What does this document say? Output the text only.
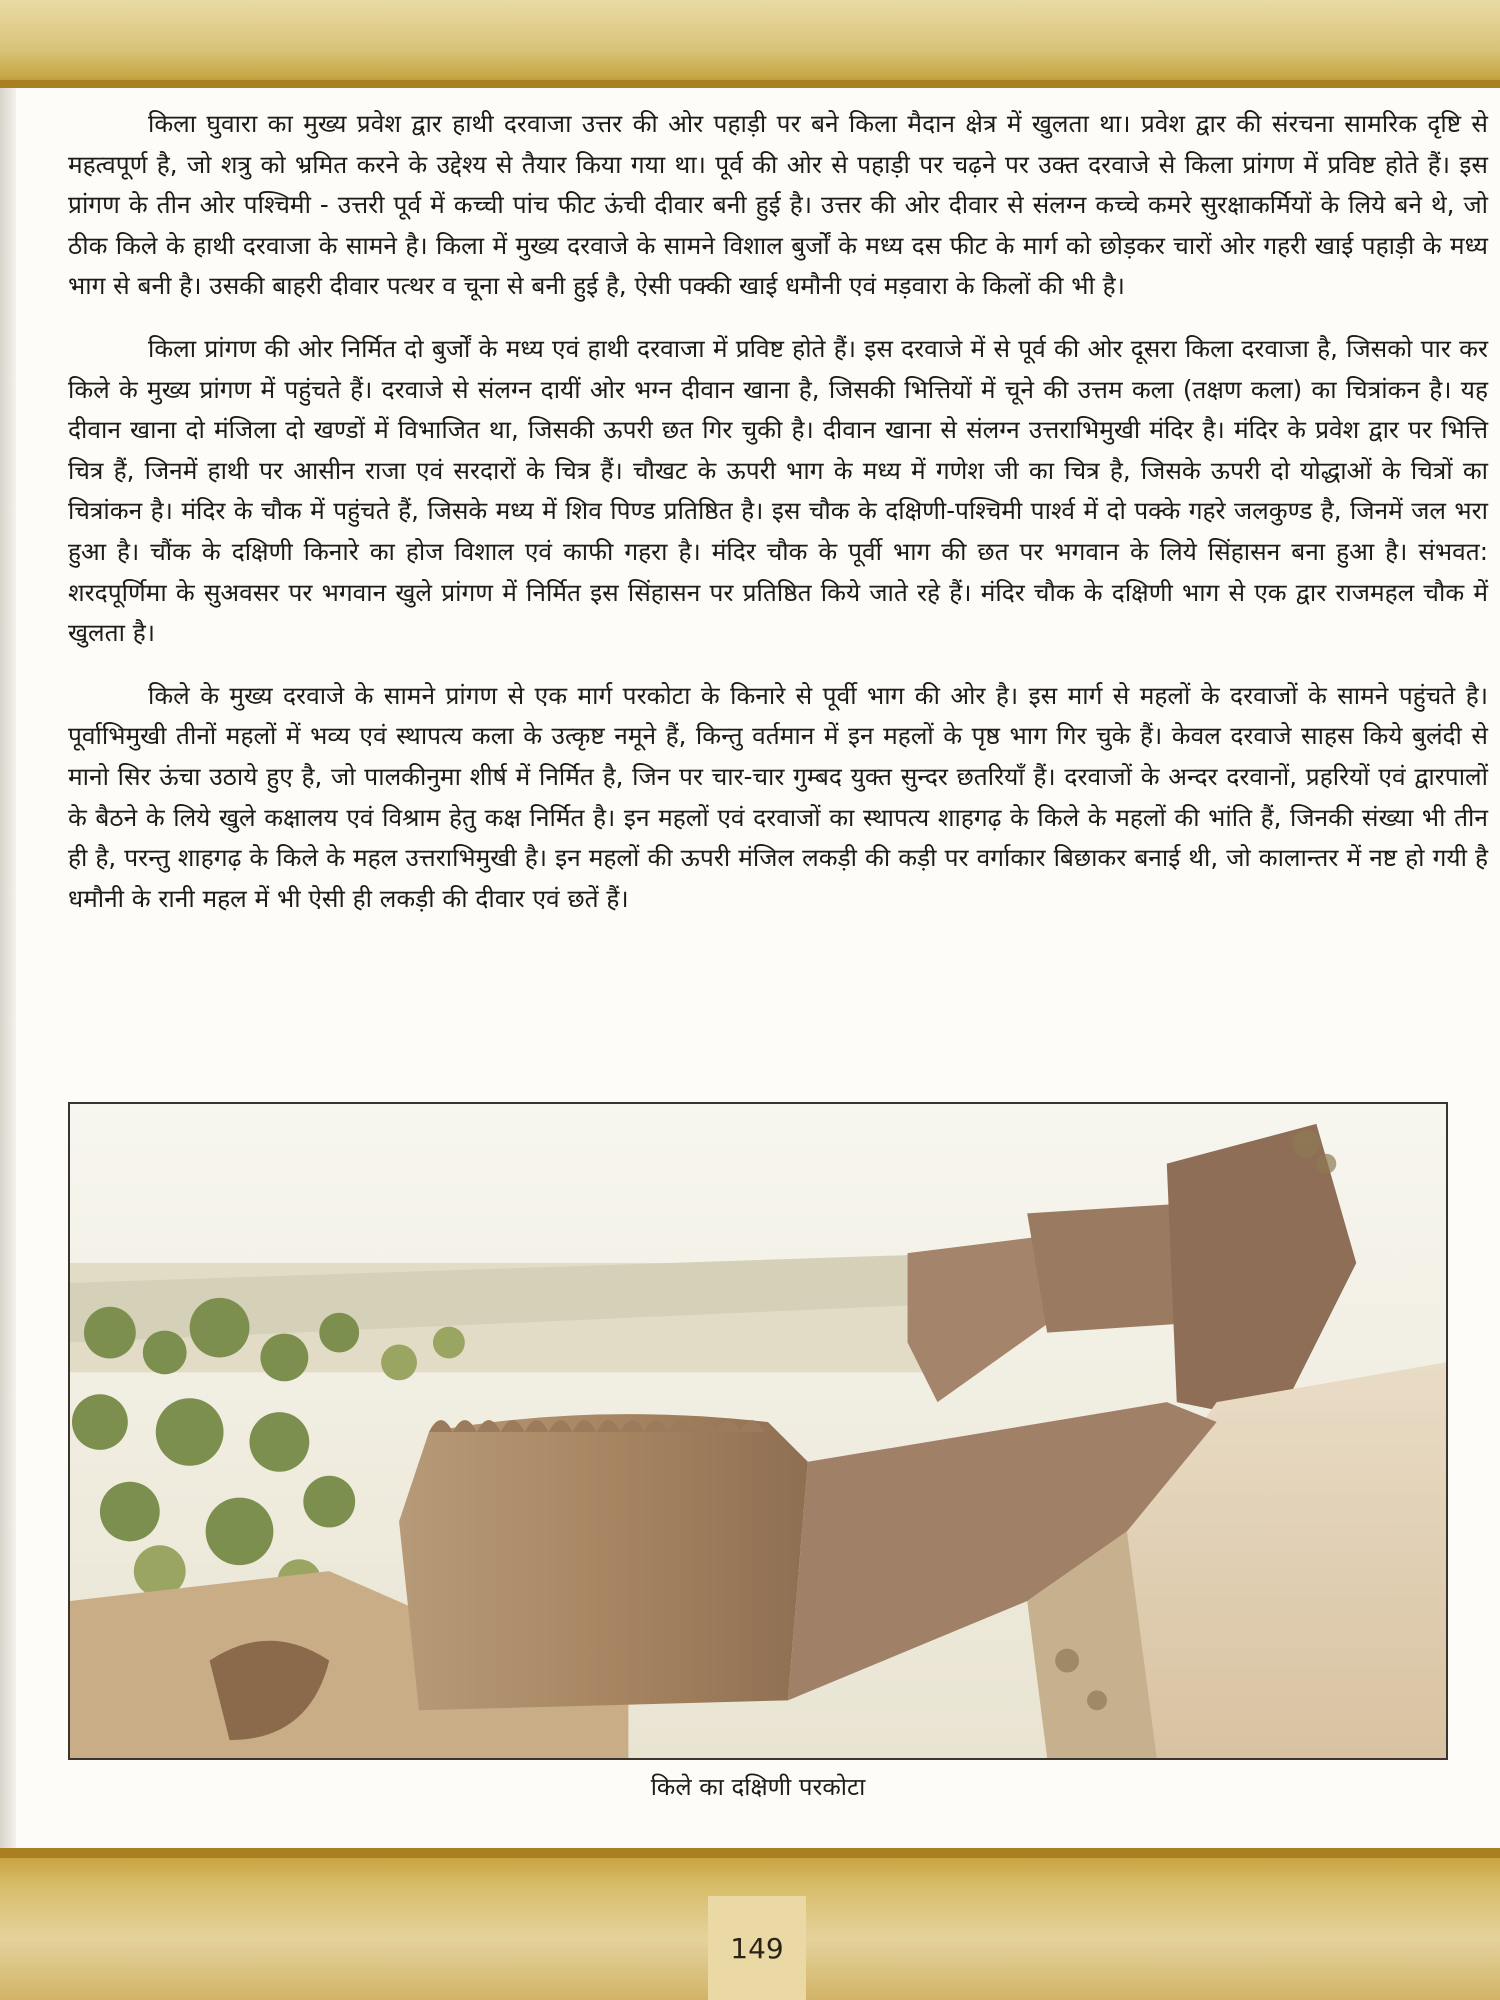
किला घुवारा का मुख्य प्रवेश द्वार हाथी दरवाजा उत्तर की ओर पहाड़ी पर बने किला मैदान क्षेत्र में खुलता था। प्रवेश द्वार की संरचना सामरिक दृष्टि से महत्वपूर्ण है, जो शत्रु को भ्रमित करने के उद्देश्य से तैयार किया गया था। पूर्व की ओर से पहाड़ी पर चढ़ने पर उक्त दरवाजे से किला प्रांगण में प्रविष्ट होते हैं। इस प्रांगण के तीन ओर पश्चिमी - उत्तरी पूर्व में कच्ची पांच फीट ऊंची दीवार बनी हुई है। उत्तर की ओर दीवार से संलग्न कच्चे कमरे सुरक्षाकर्मियों के लिये बने थे, जो ठीक किले के हाथी दरवाजा के सामने है। किला में मुख्य दरवाजे के सामने विशाल बुर्जों के मध्य दस फीट के मार्ग को छोड़कर चारों ओर गहरी खाई पहाड़ी के मध्य भाग से बनी है। उसकी बाहरी दीवार पत्थर व चूना से बनी हुई है, ऐसी पक्की खाई धमौनी एवं मड़वारा के किलों की भी है।

किला प्रांगण की ओर निर्मित दो बुर्जों के मध्य एवं हाथी दरवाजा में प्रविष्ट होते हैं। इस दरवाजे में से पूर्व की ओर दूसरा किला दरवाजा है, जिसको पार कर किले के मुख्य प्रांगण में पहुंचते हैं। दरवाजे से संलग्न दायीं ओर भग्न दीवान खाना है, जिसकी भित्तियों में चूने की उत्तम कला (तक्षण कला) का चित्रांकन है। यह दीवान खाना दो मंजिला दो खण्डों में विभाजित था, जिसकी ऊपरी छत गिर चुकी है। दीवान खाना से संलग्न उत्तराभिमुखी मंदिर है। मंदिर के प्रवेश द्वार पर भित्ति चित्र हैं, जिनमें हाथी पर आसीन राजा एवं सरदारों के चित्र हैं। चौखट के ऊपरी भाग के मध्य में गणेश जी का चित्र है, जिसके ऊपरी दो योद्धाओं के चित्रों का चित्रांकन है। मंदिर के चौक में पहुंचते हैं, जिसके मध्य में शिव पिण्ड प्रतिष्ठित है। इस चौक के दक्षिणी-पश्चिमी पार्श्व में दो पक्के गहरे जलकुण्ड है, जिनमें जल भरा हुआ है। चौंक के दक्षिणी किनारे का होज विशाल एवं काफी गहरा है। मंदिर चौक के पूर्वी भाग की छत पर भगवान के लिये सिंहासन बना हुआ है। संभवत: शरदपूर्णिमा के सुअवसर पर भगवान खुले प्रांगण में निर्मित इस सिंहासन पर प्रतिष्ठित किये जाते रहे हैं। मंदिर चौक के दक्षिणी भाग से एक द्वार राजमहल चौक में खुलता है।

किले के मुख्य दरवाजे के सामने प्रांगण से एक मार्ग परकोटा के किनारे से पूर्वी भाग की ओर है। इस मार्ग से महलों के दरवाजों के सामने पहुंचते है। पूर्वाभिमुखी तीनों महलों में भव्य एवं स्थापत्य कला के उत्कृष्ट नमूने हैं, किन्तु वर्तमान में इन महलों के पृष्ठ भाग गिर चुके हैं। केवल दरवाजे साहस किये बुलंदी से मानो सिर ऊंचा उठाये हुए है, जो पालकीनुमा शीर्ष में निर्मित है, जिन पर चार-चार गुम्बद युक्त सुन्दर छतरियाँ हैं। दरवाजों के अन्दर दरवानों, प्रहरियों एवं द्वारपालों के बैठने के लिये खुले कक्षालय एवं विश्राम हेतु कक्ष निर्मित है। इन महलों एवं दरवाजों का स्थापत्य शाहगढ़ के किले के महलों की भांति हैं, जिनकी संख्या भी तीन ही है, परन्तु शाहगढ़ के किले के महल उत्तराभिमुखी है। इन महलों की ऊपरी मंजिल लकड़ी की कड़ी पर वर्गाकार बिछाकर बनाई थी, जो कालान्तर में नष्ट हो गयी है धमौनी के रानी महल में भी ऐसी ही लकड़ी की दीवार एवं छतें हैं।

किले का दक्षिणी परकोटा
149
